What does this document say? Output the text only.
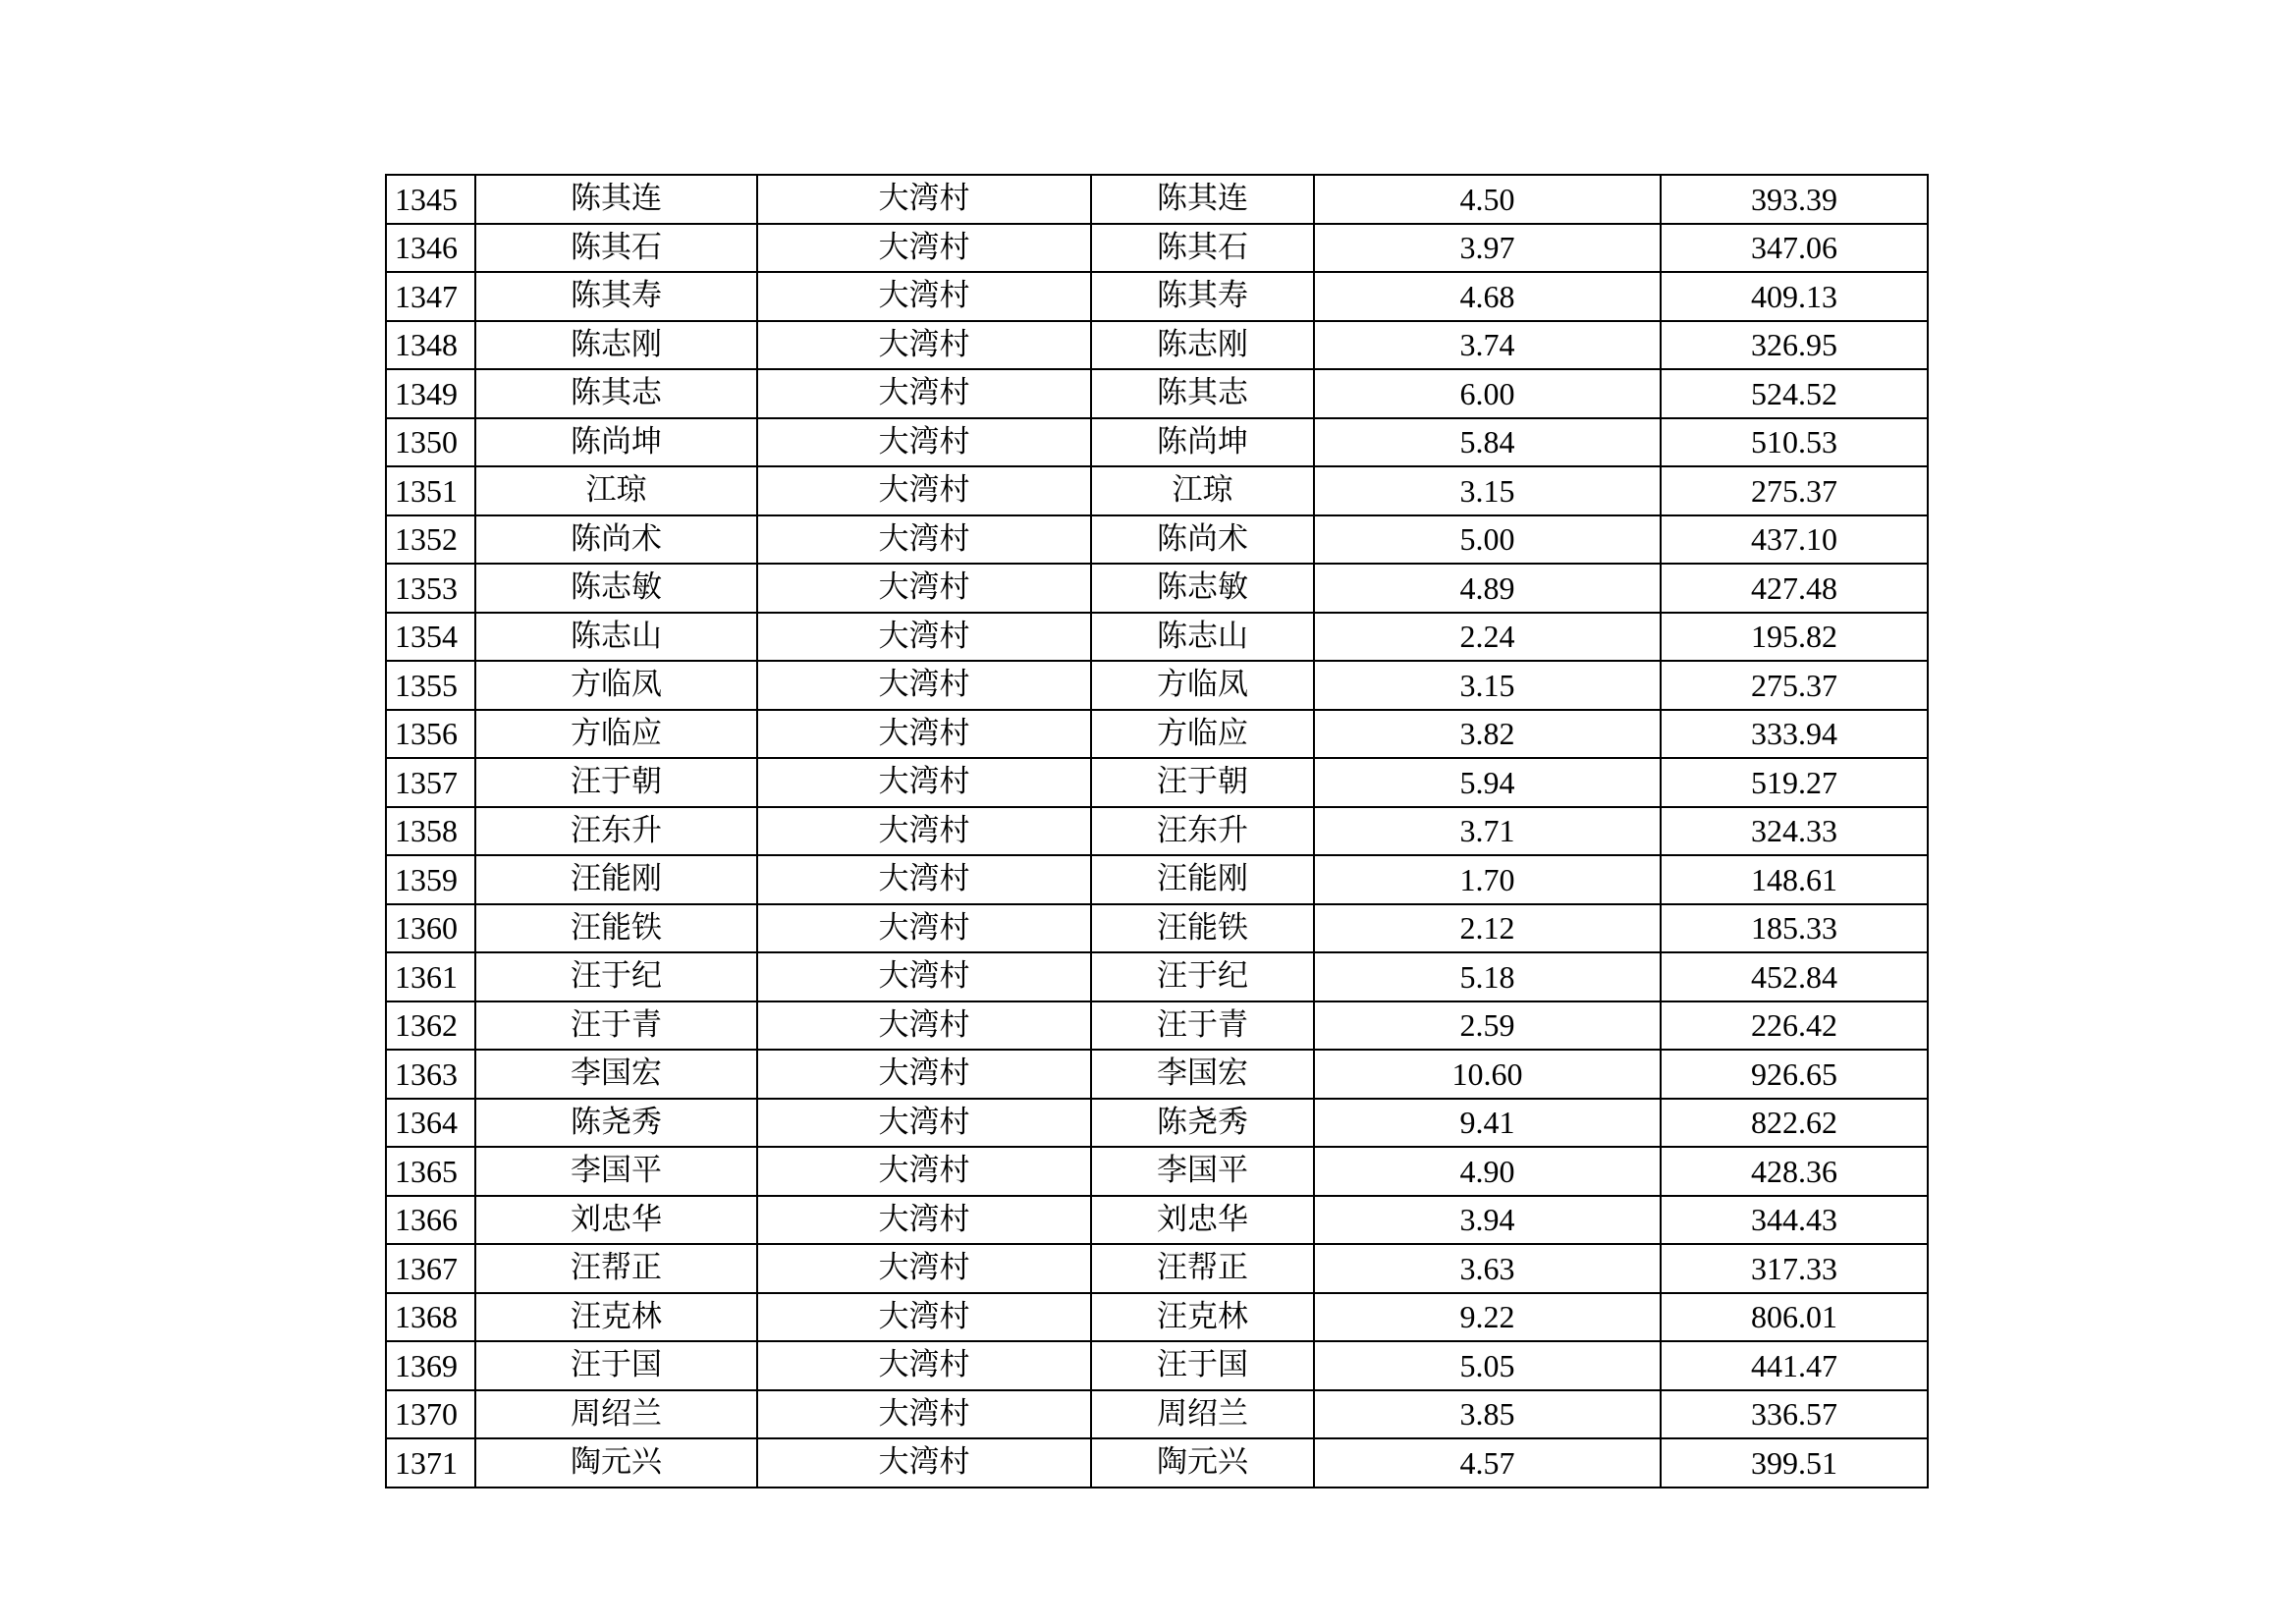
1345	陈其连	大湾村	陈其连	4.50	393.39
1346	陈其石	大湾村	陈其石	3.97	347.06
1347	陈其寿	大湾村	陈其寿	4.68	409.13
1348	陈志刚	大湾村	陈志刚	3.74	326.95
1349	陈其志	大湾村	陈其志	6.00	524.52
1350	陈尚坤	大湾村	陈尚坤	5.84	510.53
1351	江琼	大湾村	江琼	3.15	275.37
1352	陈尚术	大湾村	陈尚术	5.00	437.10
1353	陈志敏	大湾村	陈志敏	4.89	427.48
1354	陈志山	大湾村	陈志山	2.24	195.82
1355	方临凤	大湾村	方临凤	3.15	275.37
1356	方临应	大湾村	方临应	3.82	333.94
1357	汪于朝	大湾村	汪于朝	5.94	519.27
1358	汪东升	大湾村	汪东升	3.71	324.33
1359	汪能刚	大湾村	汪能刚	1.70	148.61
1360	汪能铁	大湾村	汪能铁	2.12	185.33
1361	汪于纪	大湾村	汪于纪	5.18	452.84
1362	汪于青	大湾村	汪于青	2.59	226.42
1363	李国宏	大湾村	李国宏	10.60	926.65
1364	陈尧秀	大湾村	陈尧秀	9.41	822.62
1365	李国平	大湾村	李国平	4.90	428.36
1366	刘忠华	大湾村	刘忠华	3.94	344.43
1367	汪帮正	大湾村	汪帮正	3.63	317.33
1368	汪克林	大湾村	汪克林	9.22	806.01
1369	汪于国	大湾村	汪于国	5.05	441.47
1370	周绍兰	大湾村	周绍兰	3.85	336.57
1371	陶元兴	大湾村	陶元兴	4.57	399.51
